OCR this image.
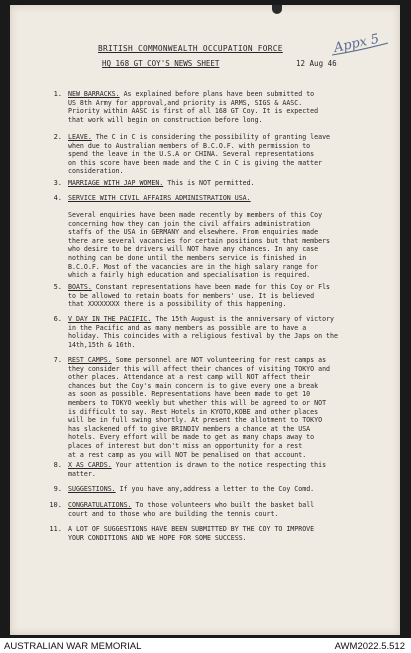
BRITISH COMMONWEALTH OCCUPATION FORCE
HQ 168 GT COY'S NEWS SHEET	12 Aug 46
Appx 5
1. NEW BARRACKS. As explained before plans have been submitted to
US 8th Army for approval,and priority is ARMS, SIGS & AASC.
Priority within AASC is first of all 168 GT Coy. It is expected
that work will begin on construction before long.
2. LEAVE. The C in C is considering the possibility of granting leave
when due to Australian members of B.C.O.F. with permission to
spend the leave in the U.S.A or CHINA. Several representations
on this score have been made and the C in C is giving the matter
consideration.
3. MARRIAGE WITH JAP WOMEN. This is NOT permitted.
4. SERVICE WITH CIVIL AFFAIRS ADMINISTRATION USA.
Several enquiries have been made recently by members of this Coy
concerning how they can join the civil affairs administration
staffs of the USA in GERMANY and elsewhere. From enquiries made
there are several vacancies for certain positions but that members
who desire to be drivers will NOT have any chances. In any case
nothing can be done until the members service is finished in
B.C.O.F. Most of the vacancies are in the high salary range for
which a fairly high education and specialisation is required.
5. BOATS. Constant representations have been made for this Coy or Fls
to be allowed to retain boats for members' use. It is believed
that XXXXXXXX there is a possibility of this happening.
6. V DAY IN THE PACIFIC. The 15th August is the anniversary of victory
in the Pacific and as many members as possible are to have a
holiday. This coincides with a religious festival by the Japs on the
14th,15th & 16th.
7. REST CAMPS. Some personnel are NOT volunteering for rest camps as
they consider this will affect their chances of visiting TOKYO and
other places. Attendance at a rest camp will NOT affect their
chances but the Coy's main concern is to give every one a break
as soon as possible. Representations have been made to get 10
members to TOKYO weekly but whether this will be agreed to or NOT
is difficult to say. Rest Hotels in KYOTO,KOBE and other places
will be in full swing shortly. At present the allotment to TOKYO
has slackened off to give BRINDIV members a chance at the USA
hotels. Every effort will be made to get as many chaps away to
places of interest but don't miss an opportunity for a rest
at a rest camp as you will NOT be penalised on that account.
8. X AS CARDS. Your attention is drawn to the notice respecting this
matter.
9. SUGGESTIONS. If you have any,address a letter to the Coy Comd.
10. CONGRATULATIONS. To those volunteers who built the basket ball
court and to those who are building the tennis court.
11. A LOT OF SUGGESTIONS HAVE BEEN SUBMITTED BY THE COY TO IMPROVE
YOUR CONDITIONS AND WE HOPE FOR SOME SUCCESS.
AUSTRALIAN WAR MEMORIAL	AWM2022.5.512
